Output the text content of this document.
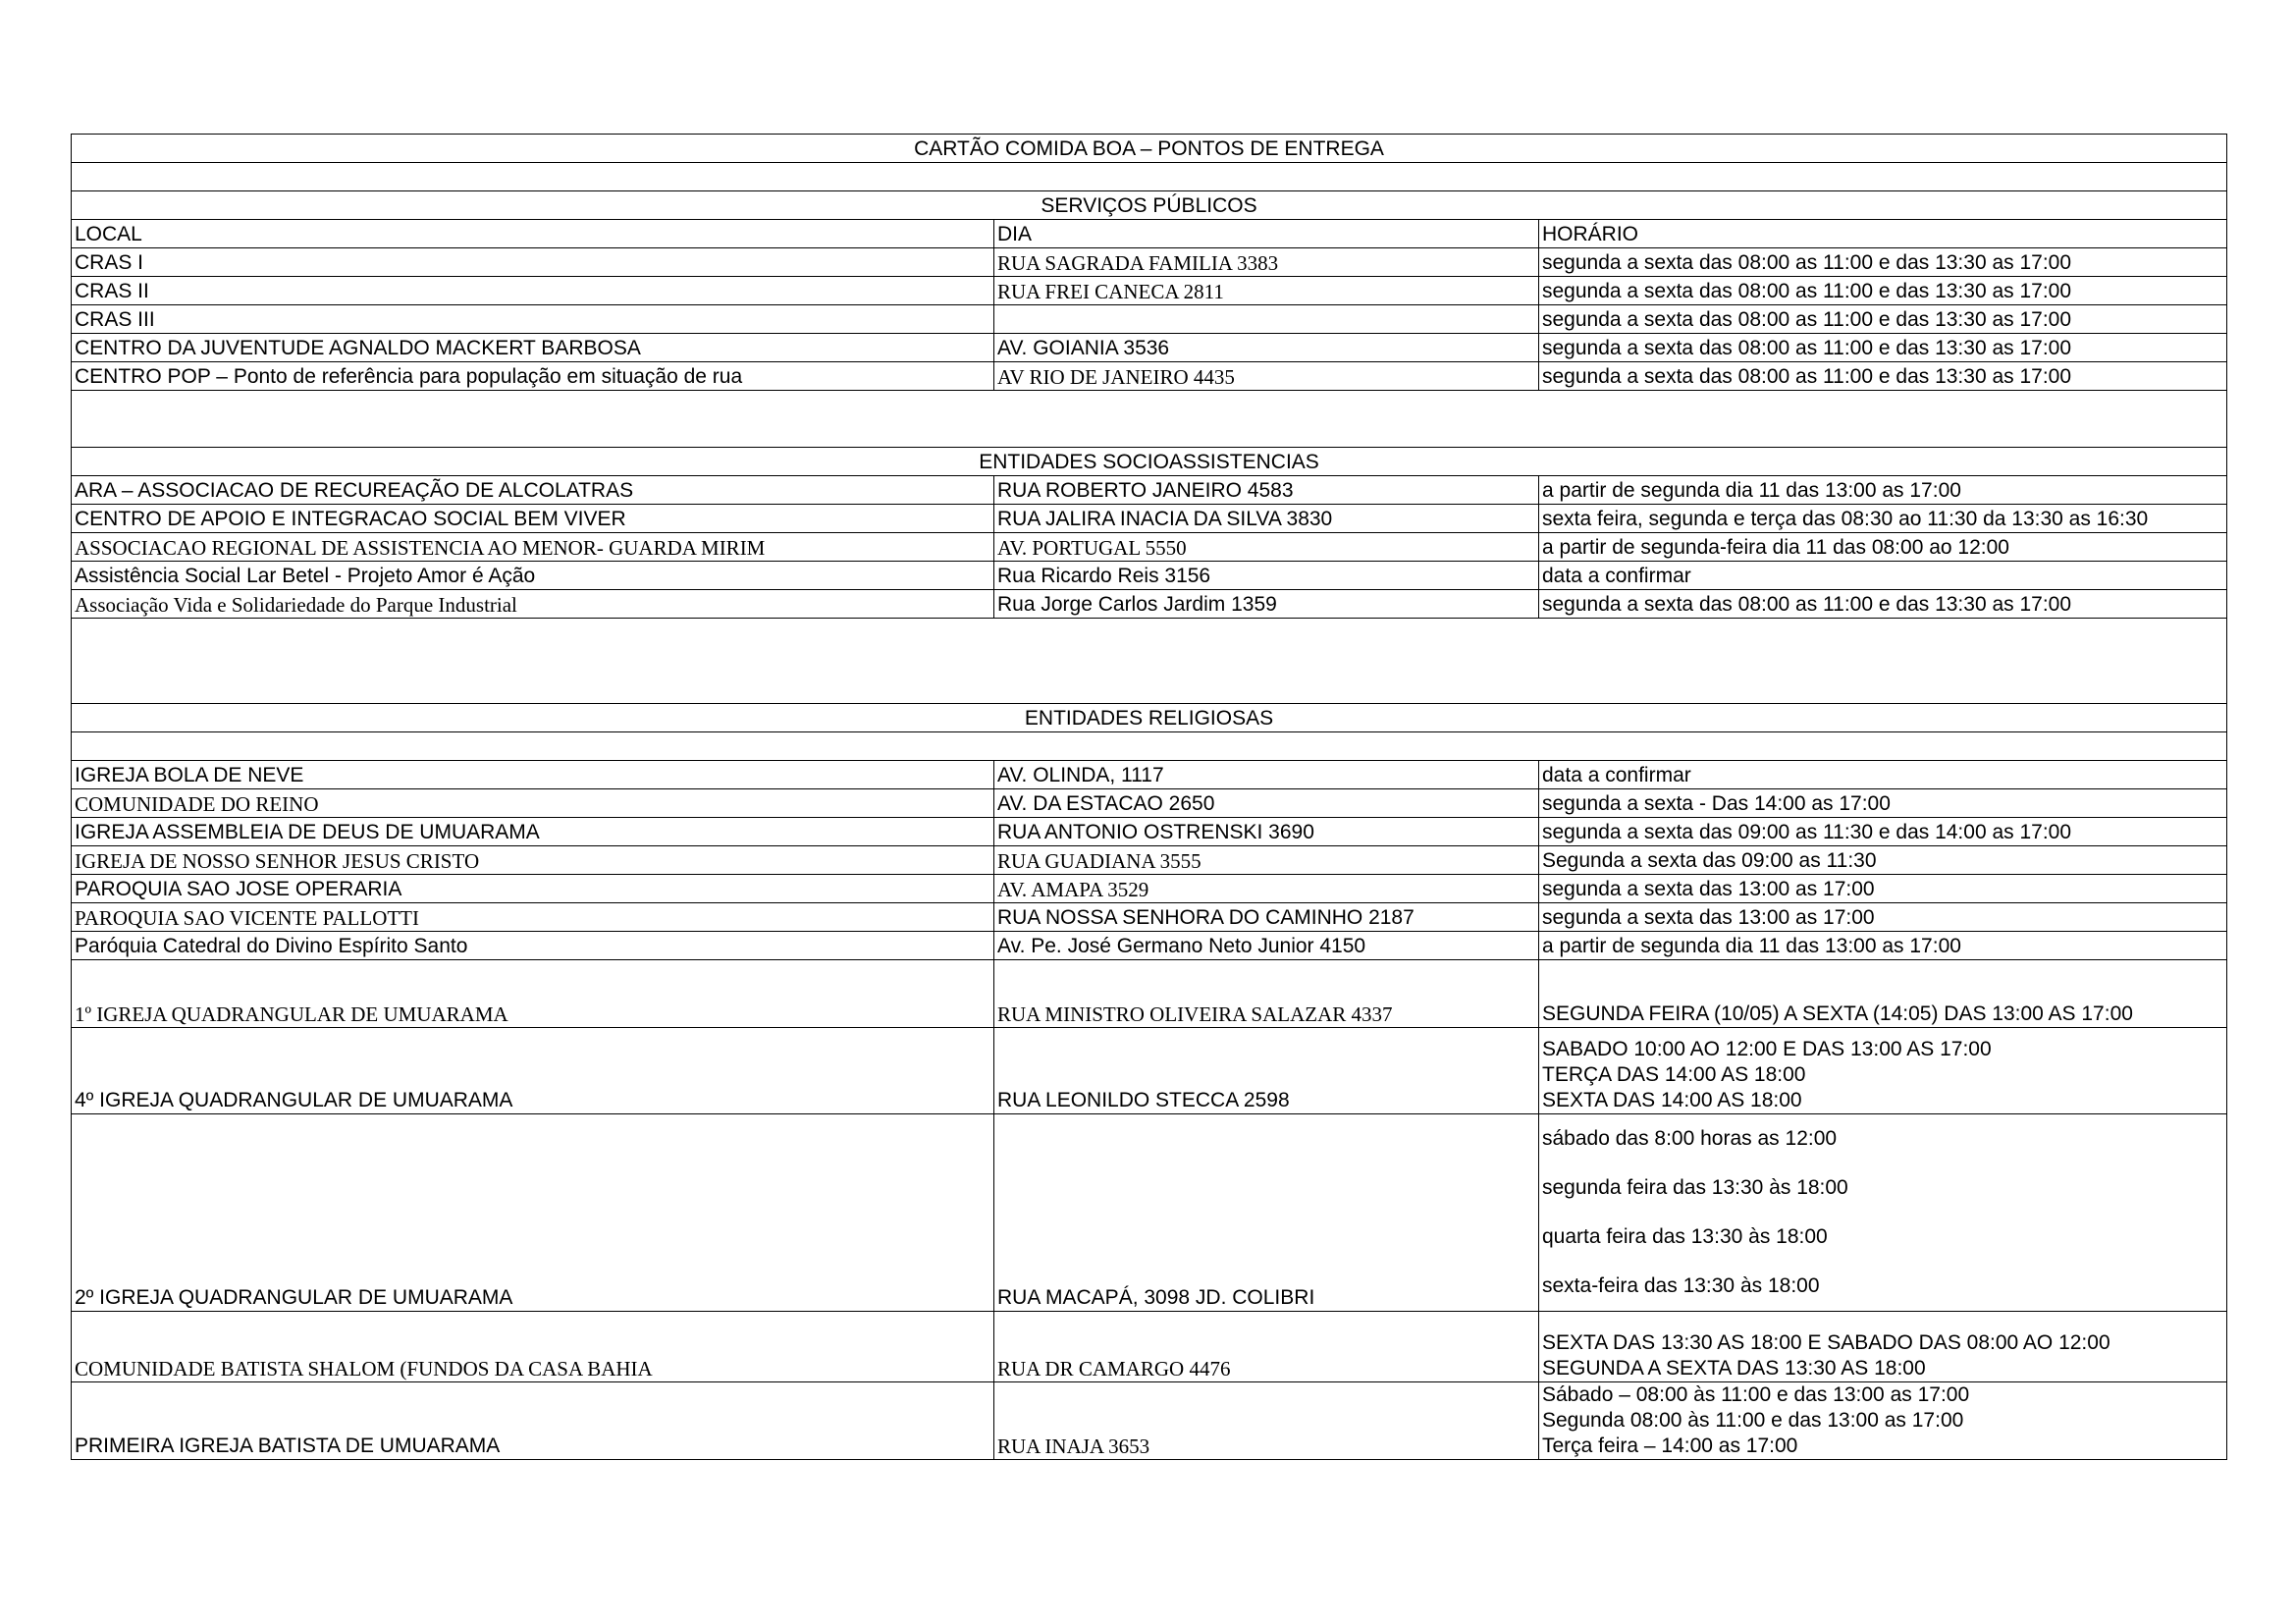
CARTÃO COMIDA BOA – PONTOS DE ENTREGA		

SERVIÇOS PÚBLICOS		
LOCAL	DIA	HORÁRIO
CRAS I	RUA SAGRADA FAMILIA 3383	segunda a sexta das 08:00 as 11:00 e das 13:30 as 17:00
CRAS II	RUA FREI CANECA 2811	segunda a sexta das 08:00 as 11:00 e das 13:30 as 17:00
CRAS III		segunda a sexta das 08:00 as 11:00 e das 13:30 as 17:00
CENTRO DA JUVENTUDE AGNALDO MACKERT BARBOSA	AV. GOIANIA 3536	segunda a sexta das 08:00 as 11:00 e das 13:30 as 17:00
CENTRO POP – Ponto de referência para população em situação de rua	AV RIO DE JANEIRO 4435	segunda a sexta das 08:00 as 11:00 e das 13:30 as 17:00

ENTIDADES SOCIOASSISTENCIAS		
ARA – ASSOCIACAO DE RECUREAÇÃO DE ALCOLATRAS	RUA ROBERTO JANEIRO 4583	a partir de segunda dia 11 das 13:00 as 17:00
CENTRO DE APOIO E INTEGRACAO SOCIAL BEM VIVER	RUA JALIRA INACIA DA SILVA 3830	sexta feira, segunda e terça das 08:30 ao 11:30 da 13:30 as 16:30
ASSOCIACAO REGIONAL DE ASSISTENCIA AO MENOR- GUARDA MIRIM	AV. PORTUGAL 5550	a partir de segunda-feira dia 11 das 08:00 ao 12:00
Assistência Social Lar Betel - Projeto Amor é Ação	Rua Ricardo Reis 3156	data a confirmar
Associação Vida e Solidariedade do Parque Industrial	Rua Jorge Carlos Jardim 1359	segunda a sexta das 08:00 as 11:00 e das 13:30 as 17:00

ENTIDADES RELIGIOSAS		

IGREJA BOLA DE NEVE	AV. OLINDA, 1117	data a confirmar
COMUNIDADE DO REINO	AV. DA ESTACAO 2650	segunda a sexta - Das 14:00 as 17:00
IGREJA ASSEMBLEIA DE DEUS DE UMUARAMA	RUA ANTONIO OSTRENSKI 3690	segunda a sexta das 09:00 as 11:30 e das 14:00 as 17:00
IGREJA DE NOSSO SENHOR JESUS CRISTO	RUA GUADIANA 3555	Segunda a sexta das 09:00 as 11:30
PAROQUIA SAO JOSE OPERARIA	AV. AMAPA 3529	segunda a sexta das 13:00 as 17:00
PAROQUIA SAO VICENTE PALLOTTI	RUA NOSSA SENHORA DO CAMINHO 2187	segunda a sexta das 13:00 as 17:00
Paróquia Catedral do Divino Espírito Santo	Av. Pe. José Germano Neto Junior 4150	a partir de segunda dia 11 das 13:00 as 17:00
1º IGREJA QUADRANGULAR DE UMUARAMA	RUA MINISTRO OLIVEIRA SALAZAR 4337	SEGUNDA FEIRA (10/05) A SEXTA (14:05) DAS 13:00 AS 17:00
4º IGREJA QUADRANGULAR DE UMUARAMA	RUA LEONILDO STECCA 2598	SABADO 10:00 AO 12:00 E DAS 13:00 AS 17:00
TERÇA DAS 14:00 AS 18:00
SEXTA DAS 14:00 AS 18:00
2º IGREJA QUADRANGULAR DE UMUARAMA	RUA MACAPÁ, 3098 JD. COLIBRI	sábado das 8:00 horas as 12:00
segunda feira das 13:30 às 18:00
quarta feira das 13:30 às 18:00
sexta-feira das 13:30 às 18:00

COMUNIDADE BATISTA SHALOM (FUNDOS DA CASA BAHIA	RUA DR CAMARGO 4476	SEXTA DAS 13:30 AS 18:00 E SABADO DAS 08:00 AO 12:00
SEGUNDA A SEXTA DAS 13:30 AS 18:00
PRIMEIRA IGREJA BATISTA DE UMUARAMA	RUA INAJA 3653	Sábado – 08:00 às 11:00 e das 13:00 as 17:00
Segunda 08:00 às 11:00 e das 13:00 as 17:00
Terça feira – 14:00 as 17:00
